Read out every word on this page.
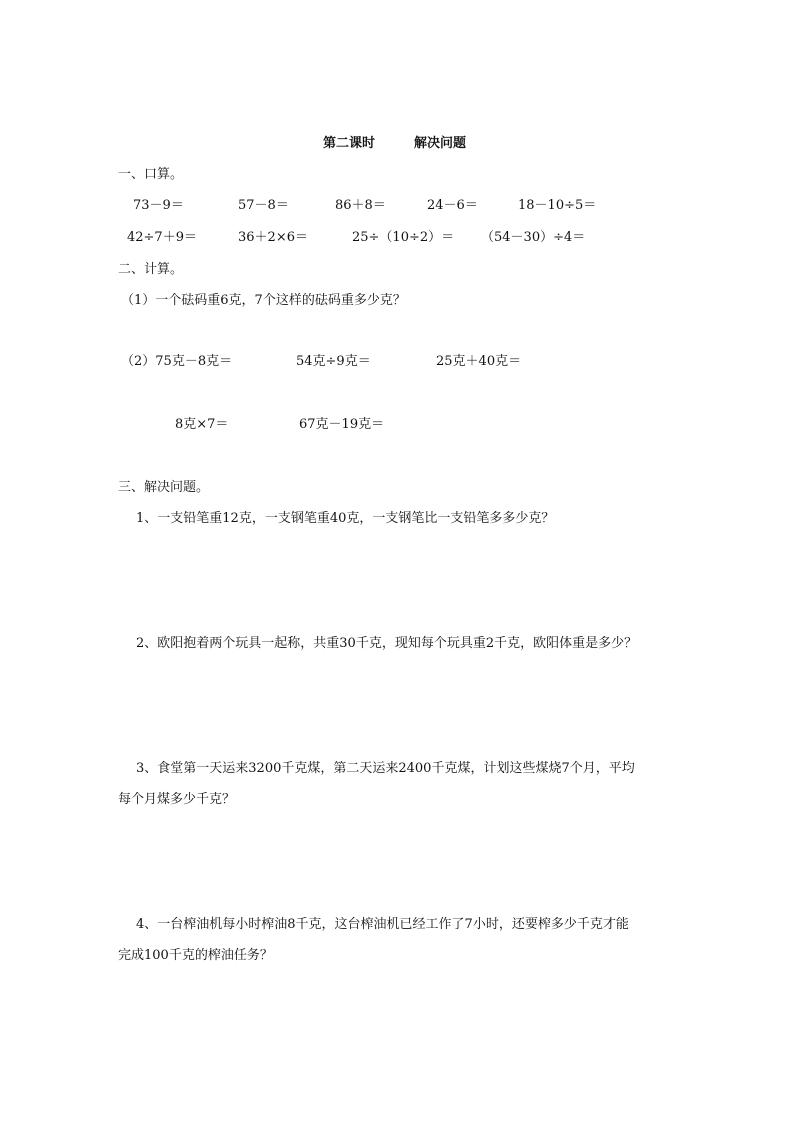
第二课时	解决问题
一、口算。
73－9＝	57－8＝	86＋8＝	24－6＝	18－10÷5＝
42÷7＋9＝	36＋2×6＝	25÷（10÷2）＝ （54－30）÷4＝
二、计算。
（1）一个砝码重6克，7个这样的砝码重多少克？
（2）75克－8克＝	54克÷9克＝	25克＋40克＝
8克×7＝	67克－19克＝
三、解决问题。
1、一支铅笔重12克，一支钢笔重40克，一支钢笔比一支铅笔多多少克？
2、欧阳抱着两个玩具一起称，共重30千克，现知每个玩具重2千克，欧阳体重是多少？
3、食堂第一天运来3200千克煤，第二天运来2400千克煤，计划这些煤烧7个月，平均
每个月煤多少千克？
4、一台榨油机每小时榨油8千克，这台榨油机已经工作了7小时，还要榨多少千克才能
完成100千克的榨油任务？
